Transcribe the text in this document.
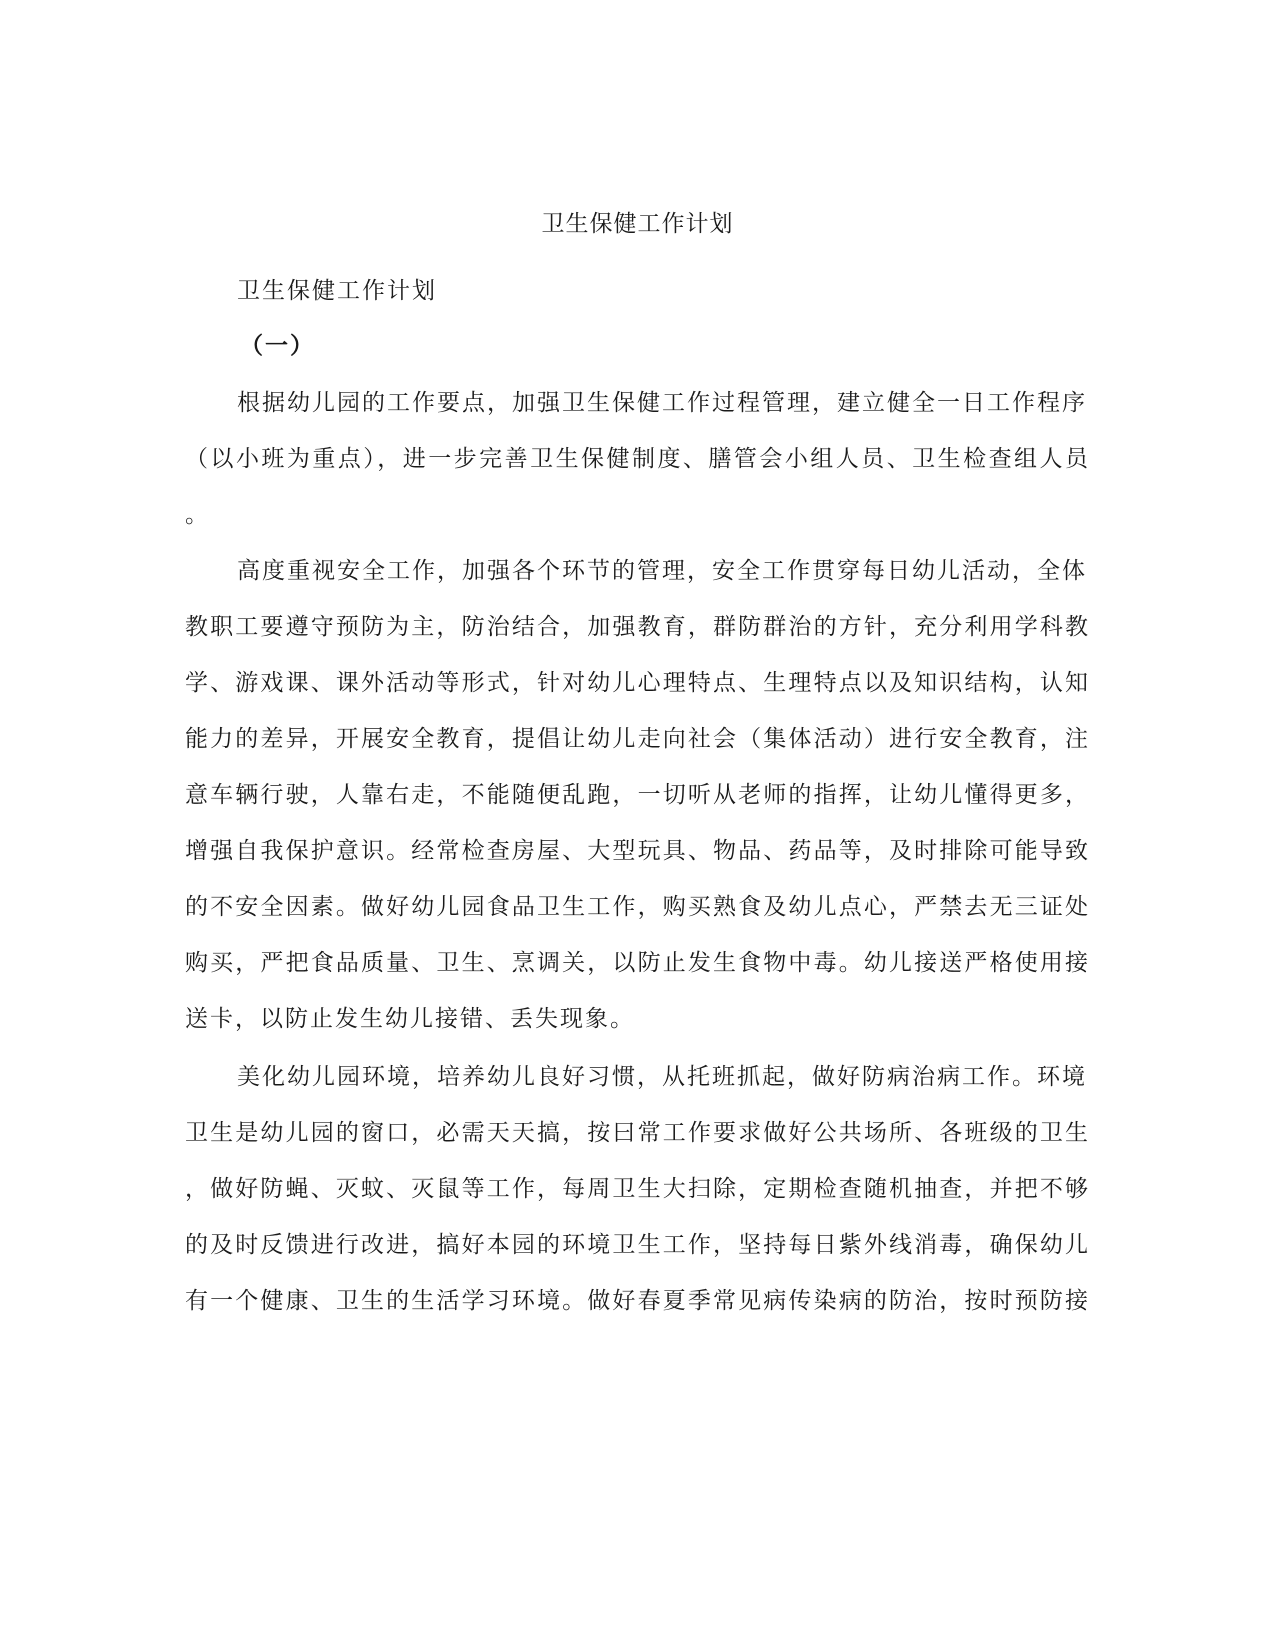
卫生保健工作计划
卫生保健工作计划
（一）
根据幼儿园的工作要点，加强卫生保健工作过程管理，建立健全一日工作程序
（以小班为重点），进一步完善卫生保健制度、膳管会小组人员、卫生检查组人员
。
高度重视安全工作，加强各个环节的管理，安全工作贯穿每日幼儿活动，全体
教职工要遵守预防为主，防治结合，加强教育，群防群治的方针，充分利用学科教
学、游戏课、课外活动等形式，针对幼儿心理特点、生理特点以及知识结构，认知
能力的差异，开展安全教育，提倡让幼儿走向社会（集体活动）进行安全教育，注
意车辆行驶，人靠右走，不能随便乱跑，一切听从老师的指挥，让幼儿懂得更多，
增强自我保护意识。经常检查房屋、大型玩具、物品、药品等，及时排除可能导致
的不安全因素。做好幼儿园食品卫生工作，购买熟食及幼儿点心，严禁去无三证处
购买，严把食品质量、卫生、烹调关，以防止发生食物中毒。幼儿接送严格使用接
送卡，以防止发生幼儿接错、丢失现象。
美化幼儿园环境，培养幼儿良好习惯，从托班抓起，做好防病治病工作。环境
卫生是幼儿园的窗口，必需天天搞，按曰常工作要求做好公共场所、各班级的卫生
，做好防蝇、灭蚊、灭鼠等工作，每周卫生大扫除，定期检查随机抽查，并把不够
的及时反馈进行改进，搞好本园的环境卫生工作，坚持每日紫外线消毒，确保幼儿
有一个健康、卫生的生活学习环境。做好春夏季常见病传染病的防治，按时预防接
